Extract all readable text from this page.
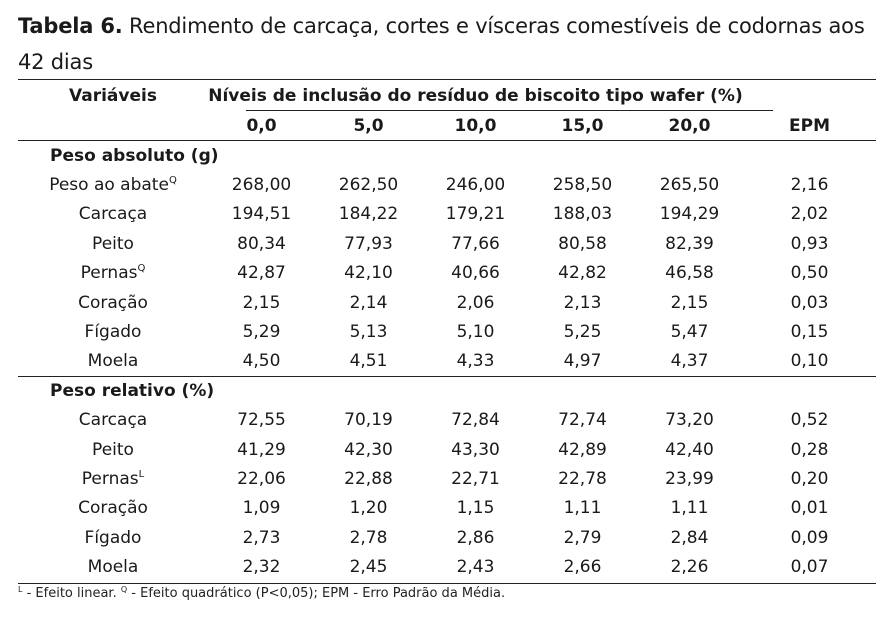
Tabela 6. Rendimento de carcaça, cortes e vísceras comestíveis de codornas aos 42 dias
Variáveis	Níveis de inclusão do resíduo de biscoito tipo wafer (%)					
	0,0	5,0	10,0	15,0	20,0	EPM
Peso absoluto (g)						
Peso ao abate$^Q$	268,00	262,50	246,00	258,50	265,50	2,16
Carcaça	194,51	184,22	179,21	188,03	194,29	2,02
Peito	80,34	77,93	77,66	80,58	82,39	0,93
Pernas$^Q$	42,87	42,10	40,66	42,82	46,58	0,50
Coração	2,15	2,14	2,06	2,13	2,15	0,03
Fígado	5,29	5,13	5,10	5,25	5,47	0,15
Moela	4,50	4,51	4,33	4,97	4,37	0,10
Peso relativo (%)						
Carcaça	72,55	70,19	72,84	72,74	73,20	0,52
Peito	41,29	42,30	43,30	42,89	42,40	0,28
Pernas$^L$	22,06	22,88	22,71	22,78	23,99	0,20
Coração	1,09	1,20	1,15	1,11	1,11	0,01
Fígado	2,73	2,78	2,86	2,79	2,84	0,09
Moela	2,32	2,45	2,43	2,66	2,26	0,07
$^L$ - Efeito linear. $^Q$ - Efeito quadrático (P<0,05); EPM - Erro Padrão da Média.
